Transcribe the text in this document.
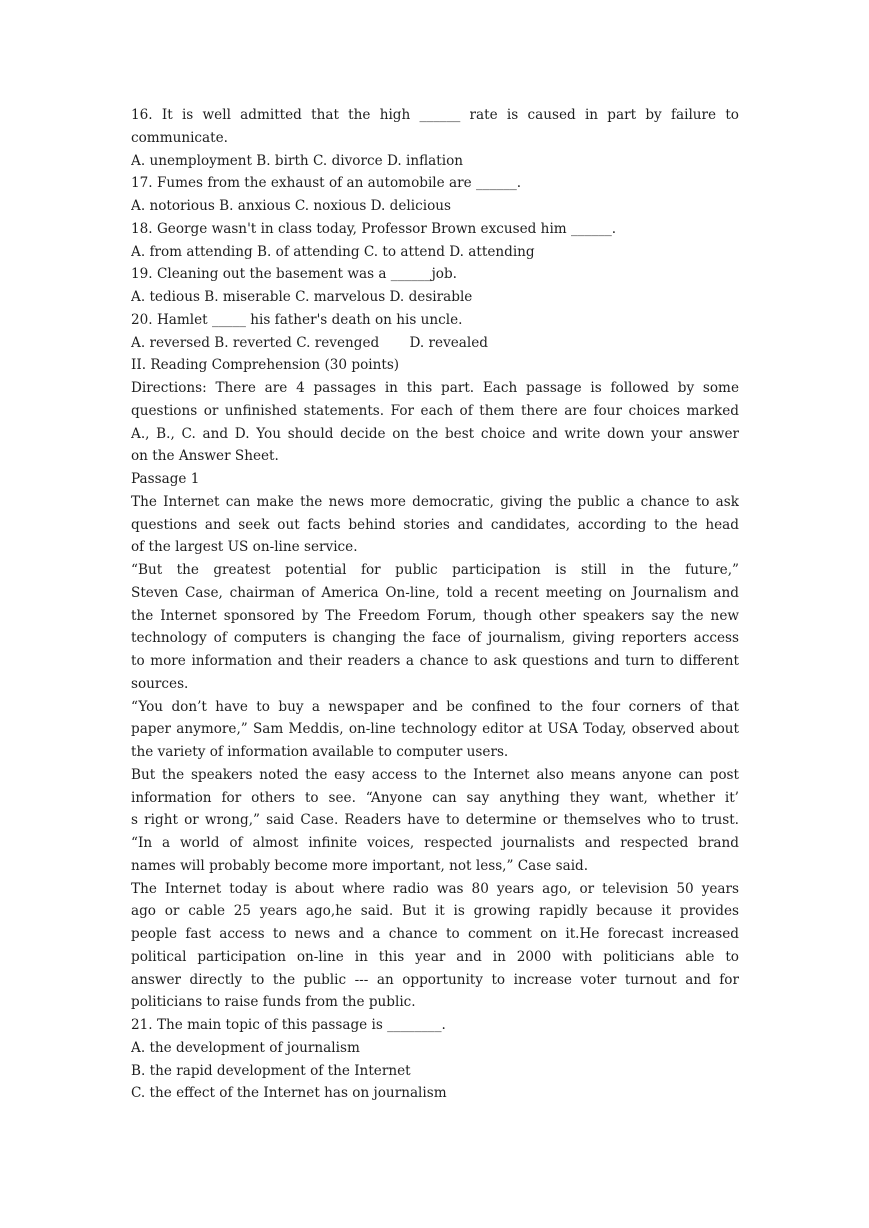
16. It is well admitted that the high ______ rate is caused in part by failure to
communicate.
A. unemployment B. birth C. divorce D. inflation
17. Fumes from the exhaust of an automobile are ______.
A. notorious B. anxious C. noxious D. delicious
18. George wasn't in class today, Professor Brown excused him ______.
A. from attending B. of attending C. to attend D. attending
19. Cleaning out the basement was a ______job.
A. tedious B. miserable C. marvelous D. desirable
20. Hamlet _____ his father's death on his uncle.
A. reversed B. reverted C. revenged       D. revealed
II. Reading Comprehension (30 points)
Directions: There are 4 passages in this part. Each passage is followed by some
questions or unfinished statements. For each of them there are four choices marked
A., B., C. and D. You should decide on the best choice and write down your answer
on the Answer Sheet.
Passage 1
The Internet can make the news more democratic, giving the public a chance to ask
questions and seek out facts behind stories and candidates, according to the head
of the largest US on-line service.
“But the greatest potential for public participation is still in the future,”
Steven Case, chairman of America On-line, told a recent meeting on Journalism and
the Internet sponsored by The Freedom Forum, though other speakers say the new
technology of computers is changing the face of journalism, giving reporters access
to more information and their readers a chance to ask questions and turn to different
sources.
“You don’t have to buy a newspaper and be confined to the four corners of that
paper anymore,” Sam Meddis, on-line technology editor at USA Today, observed about
the variety of information available to computer users.
But the speakers noted the easy access to the Internet also means anyone can post
information for others to see. “Anyone can say anything they want, whether it’
s right or wrong,” said Case. Readers have to determine or themselves who to trust.
“In a world of almost infinite voices, respected journalists and respected brand
names will probably become more important, not less,” Case said.
The Internet today is about where radio was 80 years ago, or television 50 years
ago or cable 25 years ago,he said. But it is growing rapidly because it provides
people fast access to news and a chance to comment on it.He forecast increased
political participation on-line in this year and in 2000 with politicians able to
answer directly to the public --- an opportunity to increase voter turnout and for
politicians to raise funds from the public.
21. The main topic of this passage is ________.
A. the development of journalism
B. the rapid development of the Internet
C. the effect of the Internet has on journalism
